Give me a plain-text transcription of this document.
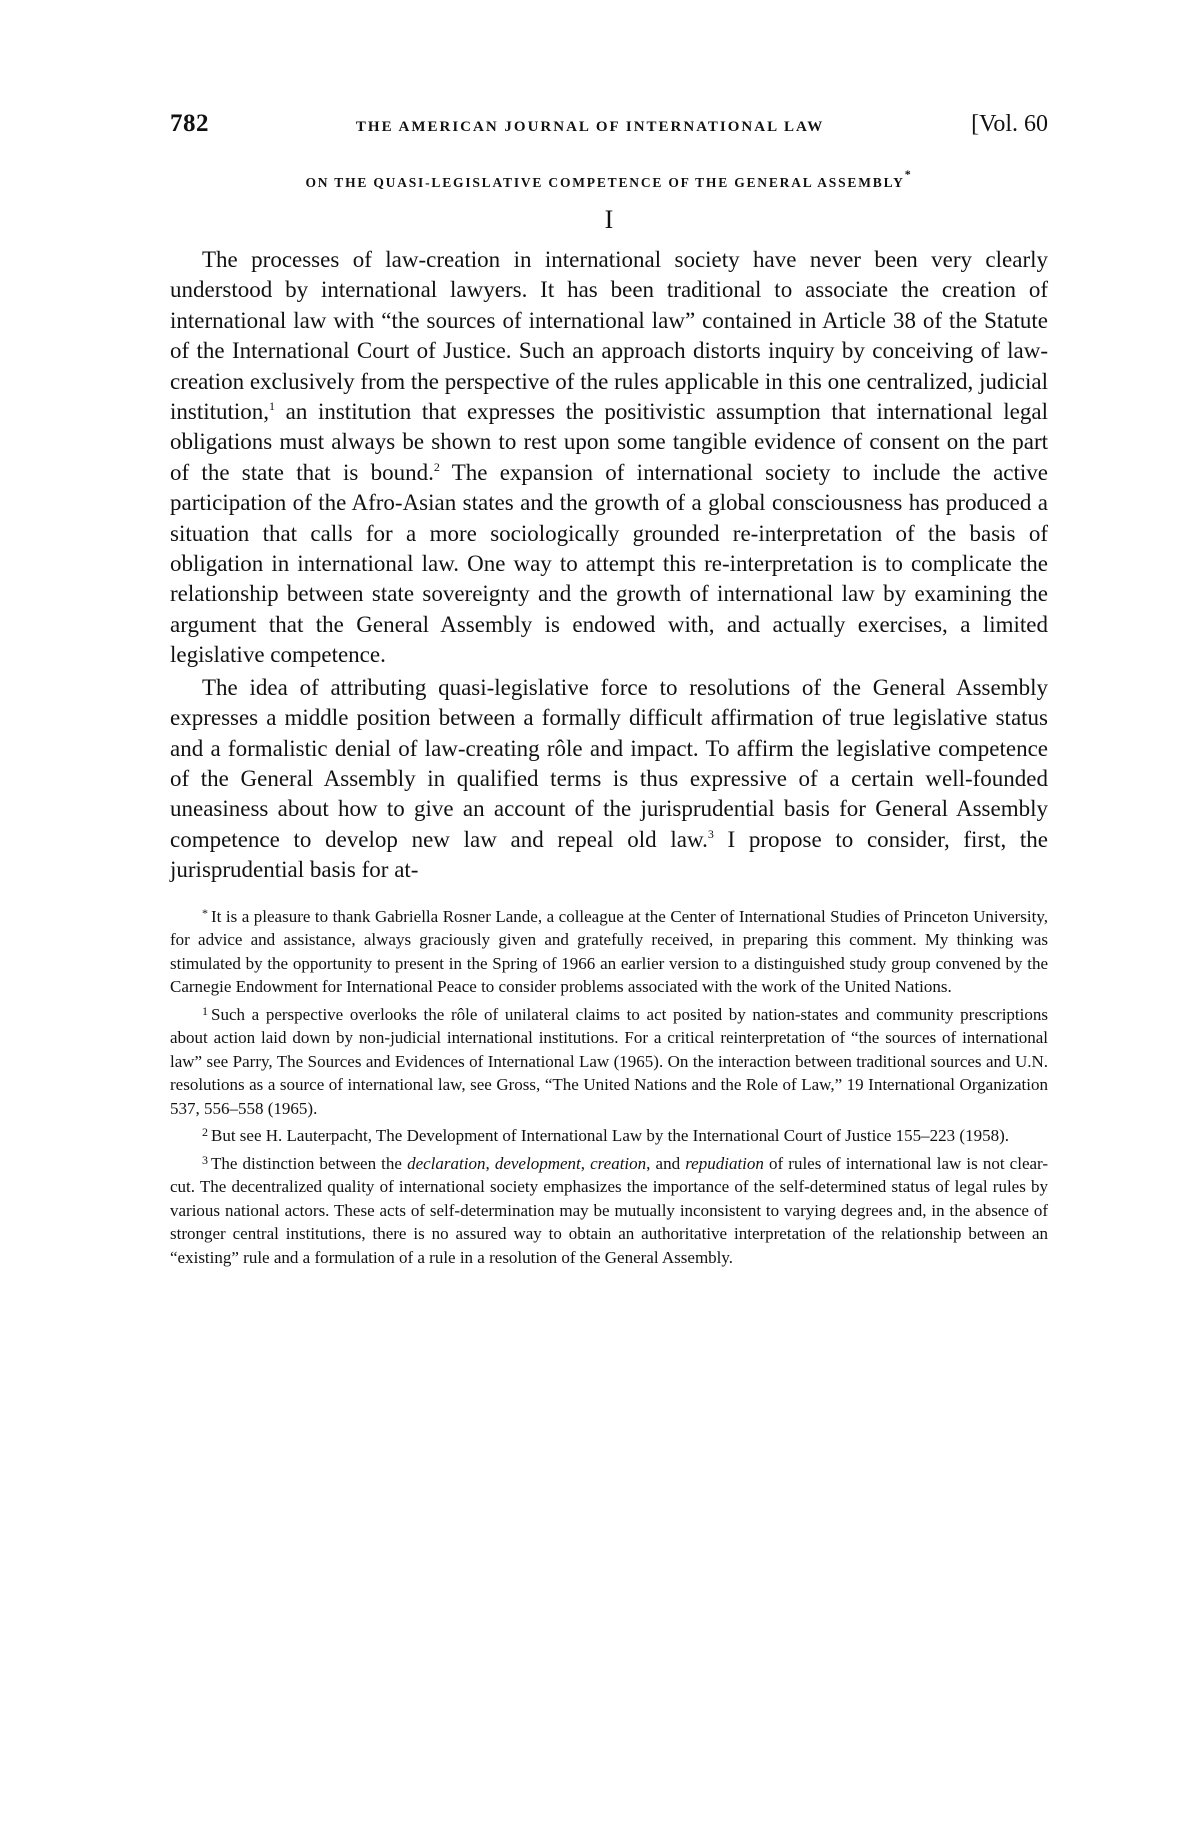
782	THE AMERICAN JOURNAL OF INTERNATIONAL LAW	[Vol. 60
ON THE QUASI-LEGISLATIVE COMPETENCE OF THE GENERAL ASSEMBLY*
I

The processes of law-creation in international society have never been very clearly understood by international lawyers. It has been traditional to associate the creation of international law with “the sources of international law” contained in Article 38 of the Statute of the International Court of Justice. Such an approach distorts inquiry by conceiving of law-creation exclusively from the perspective of the rules applicable in this one centralized, judicial institution,$^1$ an institution that expresses the positivistic assumption that international legal obligations must always be shown to rest upon some tangible evidence of consent on the part of the state that is bound.$^2$ The expansion of international society to include the active participation of the Afro-Asian states and the growth of a global consciousness has produced a situation that calls for a more sociologically grounded re-interpretation of the basis of obligation in international law. One way to attempt this re-interpretation is to complicate the relationship between state sovereignty and the growth of international law by examining the argument that the General Assembly is endowed with, and actually exercises, a limited legislative competence.

The idea of attributing quasi-legislative force to resolutions of the General Assembly expresses a middle position between a formally difficult affirmation of true legislative status and a formalistic denial of law-creating rôle and impact. To affirm the legislative competence of the General Assembly in qualified terms is thus expressive of a certain well-founded uneasiness about how to give an account of the jurisprudential basis for General Assembly competence to develop new law and repeal old law.$^3$ I propose to consider, first, the jurisprudential basis for at-

* It is a pleasure to thank Gabriella Rosner Lande, a colleague at the Center of International Studies of Princeton University, for advice and assistance, always graciously given and gratefully received, in preparing this comment. My thinking was stimulated by the opportunity to present in the Spring of 1966 an earlier version to a distinguished study group convened by the Carnegie Endowment for International Peace to consider problems associated with the work of the United Nations.

$^1$ Such a perspective overlooks the rôle of unilateral claims to act posited by nation-states and community prescriptions about action laid down by non-judicial international institutions. For a critical reinterpretation of “the sources of international law” see Parry, The Sources and Evidences of International Law (1965). On the interaction between traditional sources and U.N. resolutions as a source of international law, see Gross, “The United Nations and the Role of Law,” 19 International Organization 537, 556–558 (1965).

$^2$ But see H. Lauterpacht, The Development of International Law by the International Court of Justice 155–223 (1958).

$^3$ The distinction between the declaration, development, creation, and repudiation of rules of international law is not clear-cut. The decentralized quality of international society emphasizes the importance of the self-determined status of legal rules by various national actors. These acts of self-determination may be mutually inconsistent to varying degrees and, in the absence of stronger central institutions, there is no assured way to obtain an authoritative interpretation of the relationship between an “existing” rule and a formulation of a rule in a resolution of the General Assembly.
